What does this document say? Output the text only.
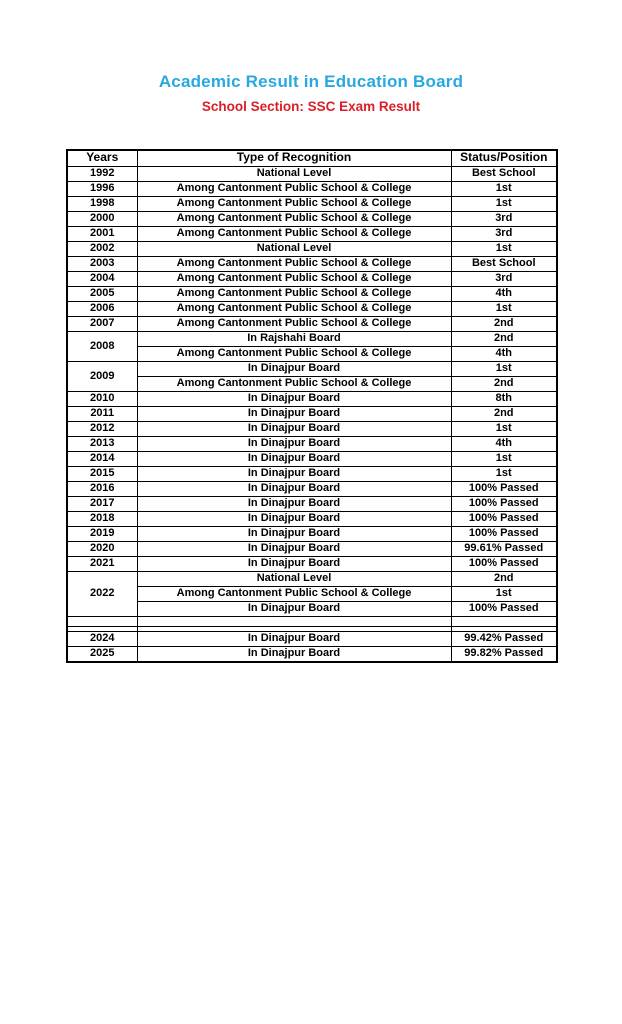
Academic Result in Education Board
School Section: SSC Exam Result
Years	Type of Recognition	Status/Position
1992	National Level	Best School
1996	Among Cantonment Public School & College	1st
1998	Among Cantonment Public School & College	1st
2000	Among Cantonment Public School & College	3rd
2001	Among Cantonment Public School & College	3rd
2002	National Level	1st
2003	Among Cantonment Public School & College	Best School
2004	Among Cantonment Public School & College	3rd
2005	Among Cantonment Public School & College	4th
2006	Among Cantonment Public School & College	1st
2007	Among Cantonment Public School & College	2nd
2008	In Rajshahi Board	2nd
	Among Cantonment Public School & College	4th
2009	In Dinajpur Board	1st
	Among Cantonment Public School & College	2nd
2010	In Dinajpur Board	8th
2011	In Dinajpur Board	2nd
2012	In Dinajpur Board	1st
2013	In Dinajpur Board	4th
2014	In Dinajpur Board	1st
2015	In Dinajpur Board	1st
2016	In Dinajpur Board	100% Passed
2017	In Dinajpur Board	100% Passed
2018	In Dinajpur Board	100% Passed
2019	In Dinajpur Board	100% Passed
2020	In Dinajpur Board	99.61% Passed
2021	In Dinajpur Board	100% Passed
2022	National Level	2nd
	Among Cantonment Public School & College	1st
	In Dinajpur Board	100% Passed

2024	In Dinajpur Board	99.42% Passed
2025	In Dinajpur Board	99.82% Passed
